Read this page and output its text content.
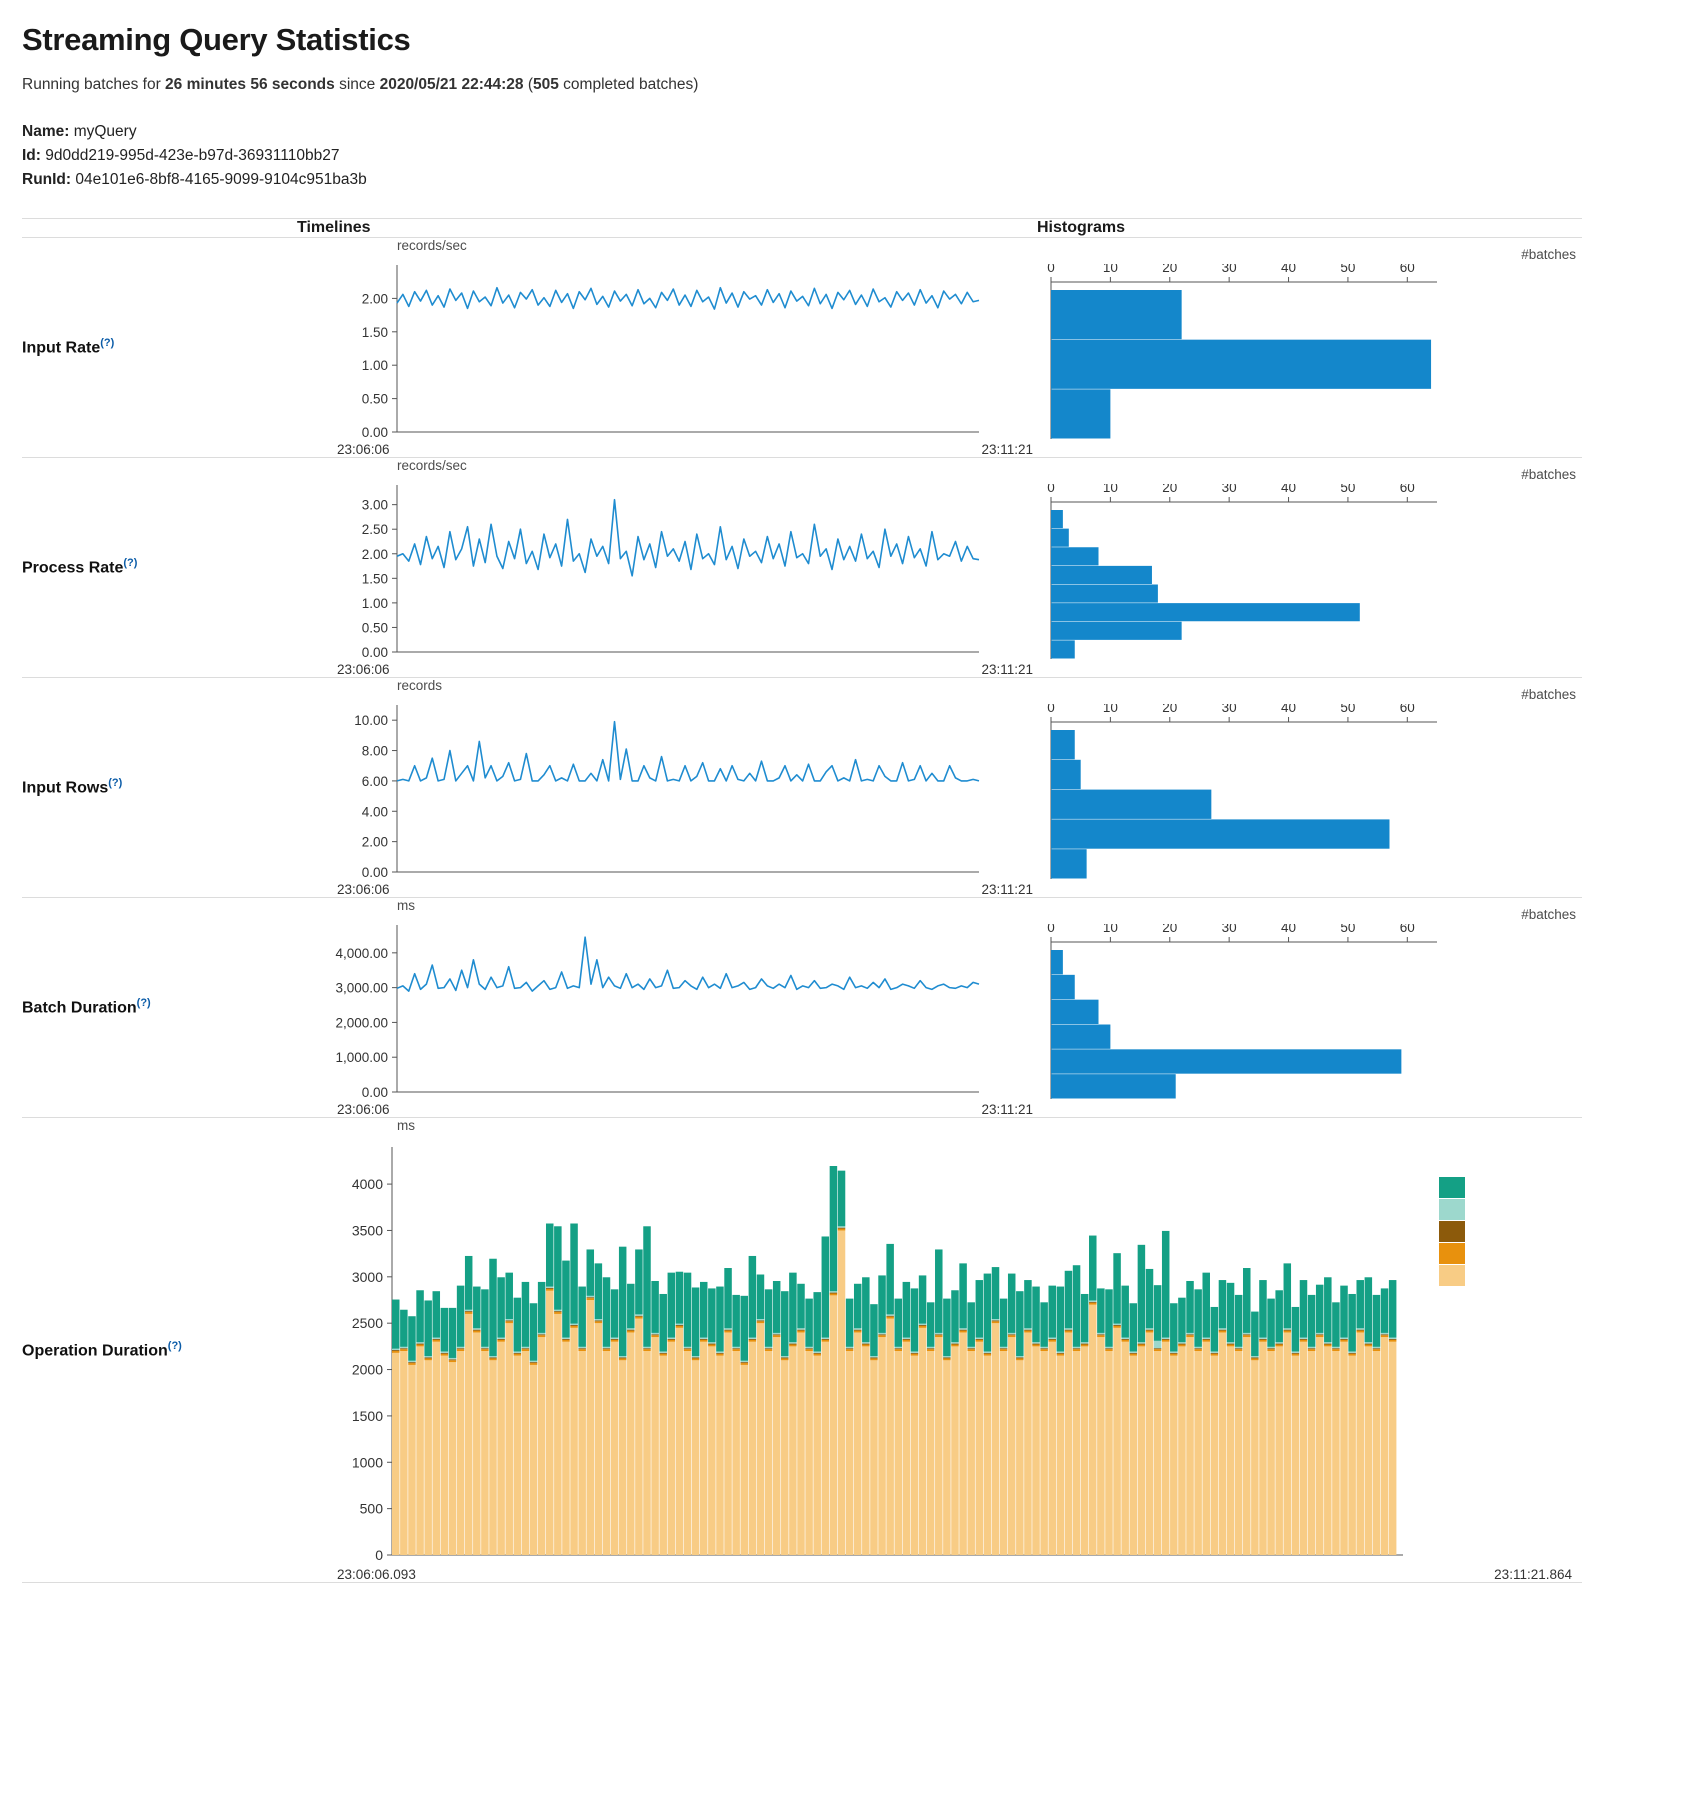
Streaming Query Statistics
Running batches for 26 minutes 56 seconds since 2020/05/21 22:44:28 (505 completed batches)
Name: myQuery
Id: 9d0dd219-995d-423e-b97d-36931110bb27
RunId: 04e101e6-8bf8-4165-9099-9104c951ba3b
	Timelines	Histograms
Input Rate(?)	
records/sec
0.00
0.50
1.00
1.50
2.00
23:06:06	23:11:21

#batches
0	10	20	30	40	50	60

Process Rate(?)	
records/sec
0.00
0.50
1.00
1.50
2.00
2.50
3.00
23:06:06	23:11:21

#batches
0	10	20	30	40	50	60

Input Rows(?)	
records
0.00
2.00
4.00
6.00
8.00
10.00
23:06:06	23:11:21

#batches
0	10	20	30	40	50	60

Batch Duration(?)	
ms
0.00
1,000.00
2,000.00
3,000.00
4,000.00
23:06:06	23:11:21

#batches
0	10	20	30	40	50	60

Operation Duration(?)	
ms
0
500
1000
1500
2000
2500
3000
3500
4000
23:06:06.093	23:11:21.864
